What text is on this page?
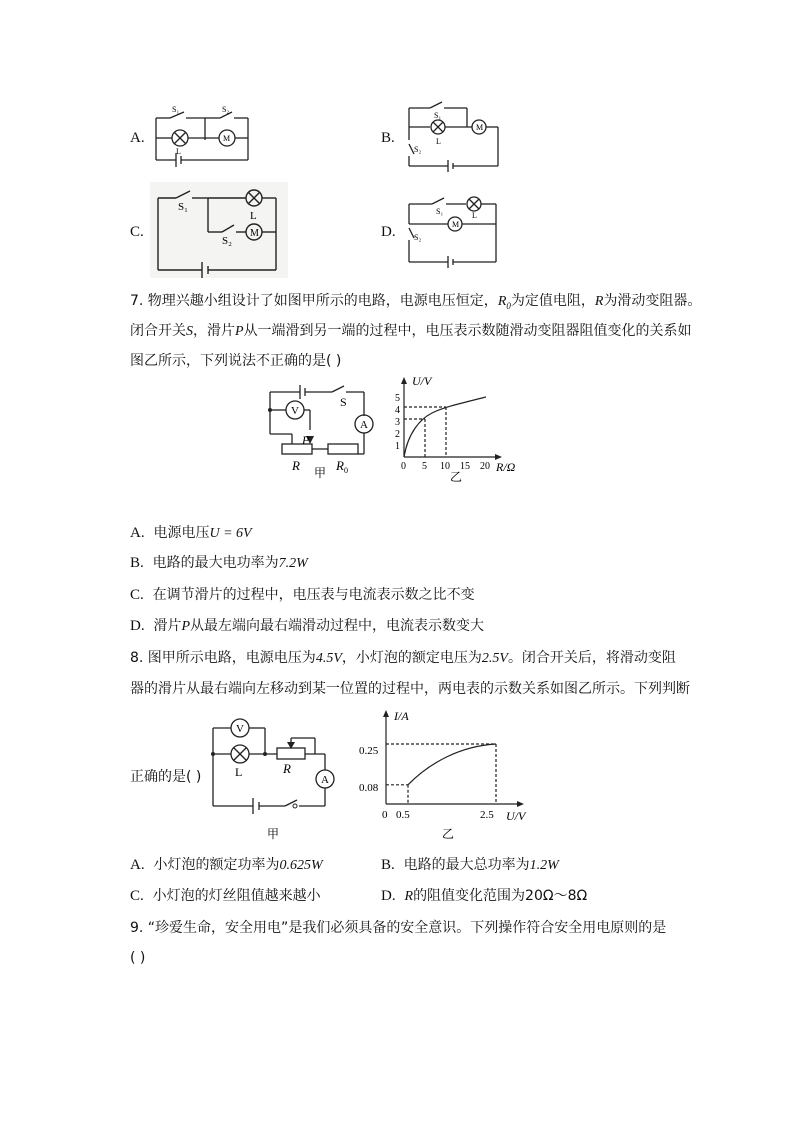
A.
S₁	S₂
L
M	B.
S₁
S₂
L
M
C.
S₁
S₂
L
M	D.
S₁
S₂
L
M
7. 物理兴趣小组设计了如图甲所示的电路，电源电压恒定，$R_0$为定值电阻，R为滑动变阻器。
闭合开关S，滑片P从一端滑到另一端的过程中，电压表示数随滑动变阻器阻值变化的关系如
图乙所示，下列说法不正确的是( )
V
A
S
P
R	$R_0$
甲
U/V
R/Ω
0 5 10 15 20
1
2
3
4
5
乙
A. 电源电压U = 6V
B. 电路的最大电功率为7.2W
C. 在调节滑片的过程中，电压表与电流表示数之比不变
D. 滑片P从最左端向最右端滑动过程中，电流表示数变大
8. 图甲所示电路，电源电压为4.5V，小灯泡的额定电压为2.5V。闭合开关后，将滑动变阻
器的滑片从最右端向左移动到某一位置的过程中，两电表的示数关系如图乙所示。下列判断
正确的是( )
V
L	R
A
甲
I/A
U/V
0
0.25
0.08
0.5	2.5
乙
A. 小灯泡的额定功率为0.625W	B. 电路的最大总功率为1.2W
C. 小灯泡的灯丝阻值越来越小	D. R的阻值变化范围为20Ω～8Ω
9. “珍爱生命，安全用电”是我们必须具备的安全意识。下列操作符合安全用电原则的是
( )
